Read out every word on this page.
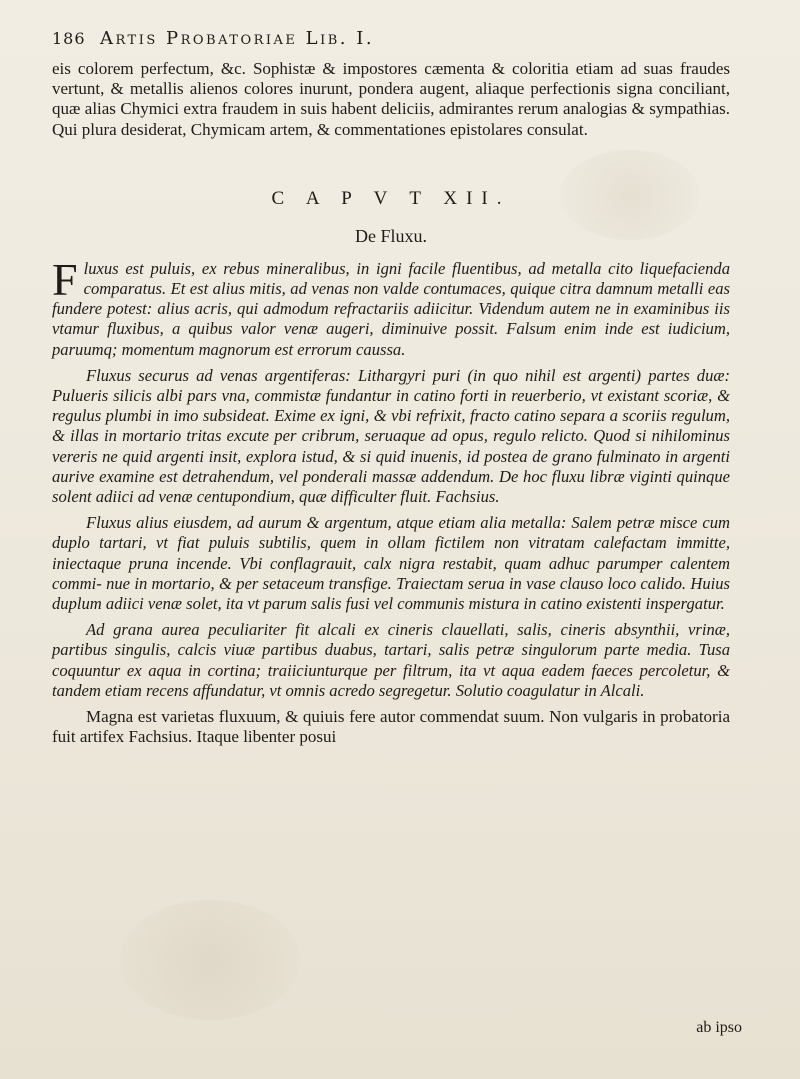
186 Artis Probatoriae Lib. I.

eis colorem perfectum, &c. Sophistæ & impostores cæmenta & coloritia etiam ad suas fraudes vertunt, & metallis alienos colores inurunt, pondera augent, aliaque perfectionis signa conciliant, quæ alias Chymici extra fraudem in suis habent deliciis, admirantes rerum analogias & sympathias. Qui plura desiderat, Chymicam artem, & commentationes epistolares consulat.

C A P V T XII.
De Fluxu.

Fluxus est puluis, ex rebus mineralibus, in igni facile fluentibus, ad metalla cito liquefacienda comparatus. Et est alius mitis, ad venas non valde contumaces, quique citra damnum metalli eas fundere potest: alius acris, qui admodum refractariis adiicitur. Videndum autem ne in examinibus iis vtamur fluxibus, a quibus valor venæ augeri, diminuive possit. Falsum enim inde est iudicium, paruumq; momentum magnorum est errorum caussa.

Fluxus securus ad venas argentiferas: Lithargyri puri (in quo nihil est argenti) partes duæ: Pulueris silicis albi pars vna, commistæ fundantur in catino forti in reuerberio, vt existant scoriæ, & regulus plumbi in imo subsideat. Exime ex igni, & vbi refrixit, fracto catino separa a scoriis regulum, & illas in mortario tritas excute per cribrum, seruaque ad opus, regulo relicto. Quod si nihilominus vereris ne quid argenti insit, explora istud, & si quid inuenis, id postea de grano fulminato in argenti aurive examine est detrahendum, vel ponderali massæ addendum. De hoc fluxu libræ viginti quinque solent adiici ad venæ centupondium, quæ difficulter fluit. Fachsius.

Fluxus alius eiusdem, ad aurum & argentum, atque etiam alia metalla: Salem petræ misce cum duplo tartari, vt fiat puluis subtilis, quem in ollam fictilem non vitratam calefactam immitte, iniectaque pruna incende. Vbi conflagrauit, calx nigra restabit, quam adhuc parumper calentem commi- nue in mortario, & per setaceum transfige. Traiectam serua in vase clauso loco calido. Huius duplum adiici venæ solet, ita vt parum salis fusi vel communis mistura in catino existenti inspergatur.

Ad grana aurea peculiariter fit alcali ex cineris clauellati, salis, cineris absynthii, vrinæ, partibus singulis, calcis viuæ partibus duabus, tartari, salis petræ singulorum parte media. Tusa coquuntur ex aqua in cortina; traiiciunturque per filtrum, ita vt aqua eadem faeces percoletur, & tandem etiam recens affundatur, vt omnis acredo segregetur. Solutio coagulatur in Alcali.

Magna est varietas fluxuum, & quiuis fere autor commendat suum. Non vulgaris in probatoria fuit artifex Fachsius. Itaque libenter posui

ab ipso
